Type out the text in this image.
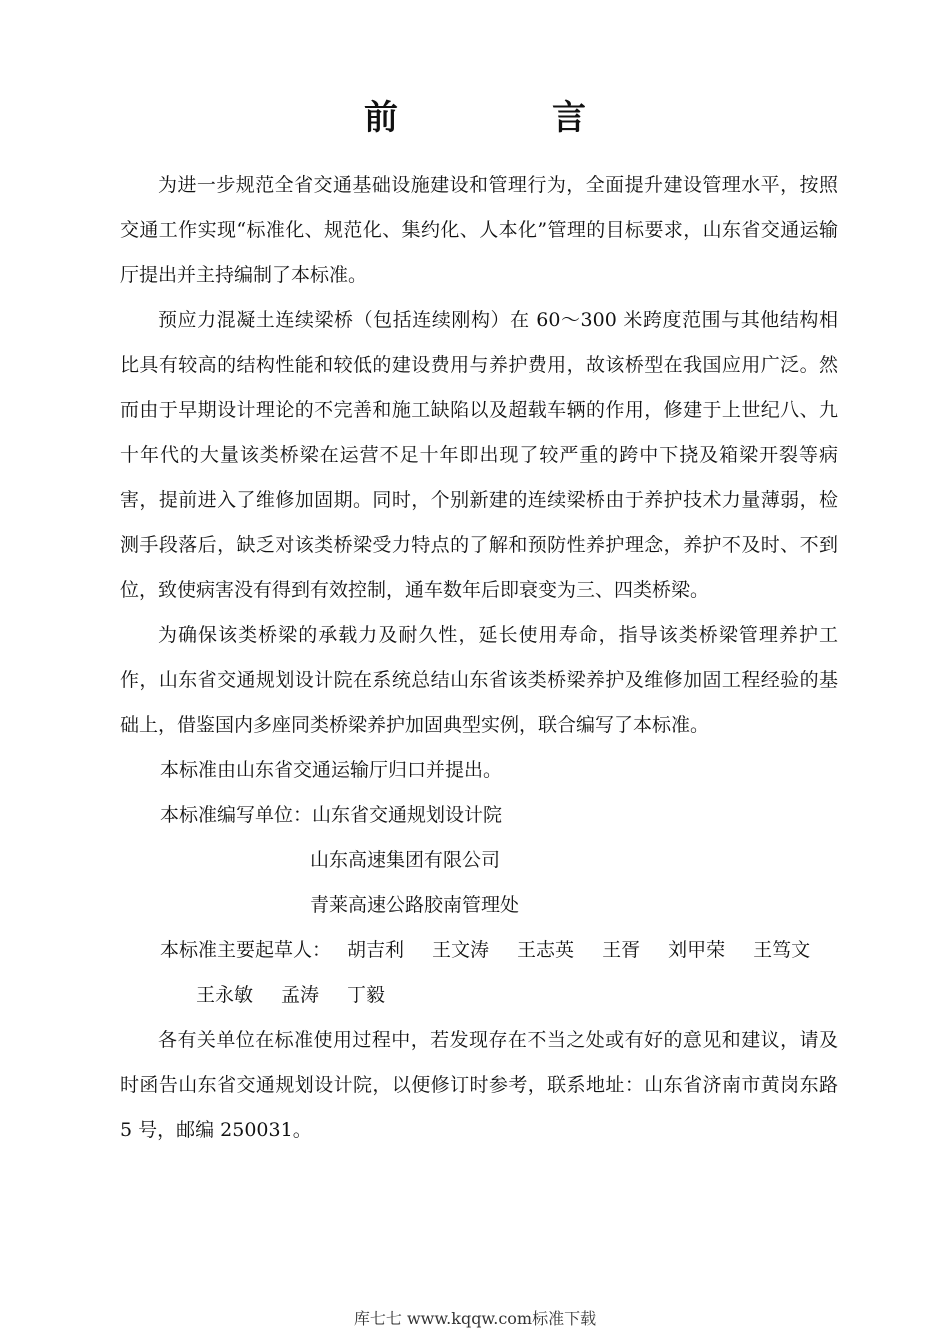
前　言

为进一步规范全省交通基础设施建设和管理行为，全面提升建设管理水平，按照交通工作实现“标准化、规范化、集约化、人本化”管理的目标要求，山东省交通运输厅提出并主持编制了本标准。

预应力混凝土连续梁桥（包括连续刚构）在 60～300 米跨度范围与其他结构相比具有较高的结构性能和较低的建设费用与养护费用，故该桥型在我国应用广泛。然而由于早期设计理论的不完善和施工缺陷以及超载车辆的作用，修建于上世纪八、九十年代的大量该类桥梁在运营不足十年即出现了较严重的跨中下挠及箱梁开裂等病害，提前进入了维修加固期。同时，个别新建的连续梁桥由于养护技术力量薄弱，检测手段落后，缺乏对该类桥梁受力特点的了解和预防性养护理念，养护不及时、不到位，致使病害没有得到有效控制，通车数年后即衰变为三、四类桥梁。

为确保该类桥梁的承载力及耐久性，延长使用寿命，指导该类桥梁管理养护工作，山东省交通规划设计院在系统总结山东省该类桥梁养护及维修加固工程经验的基础上，借鉴国内多座同类桥梁养护加固典型实例，联合编写了本标准。

本标准由山东省交通运输厅归口并提出。

本标准编写单位：山东省交通规划设计院

山东高速集团有限公司

青莱高速公路胶南管理处

本标准主要起草人： 胡吉利 王文涛 王志英 王胥 刘甲荣 王笃文

王永敏 孟涛 丁毅

各有关单位在标准使用过程中，若发现存在不当之处或有好的意见和建议，请及时函告山东省交通规划设计院，以便修订时参考，联系地址：山东省济南市黄岗东路 5 号，邮编 250031。

库七七 www.kqqw.com标准下载
